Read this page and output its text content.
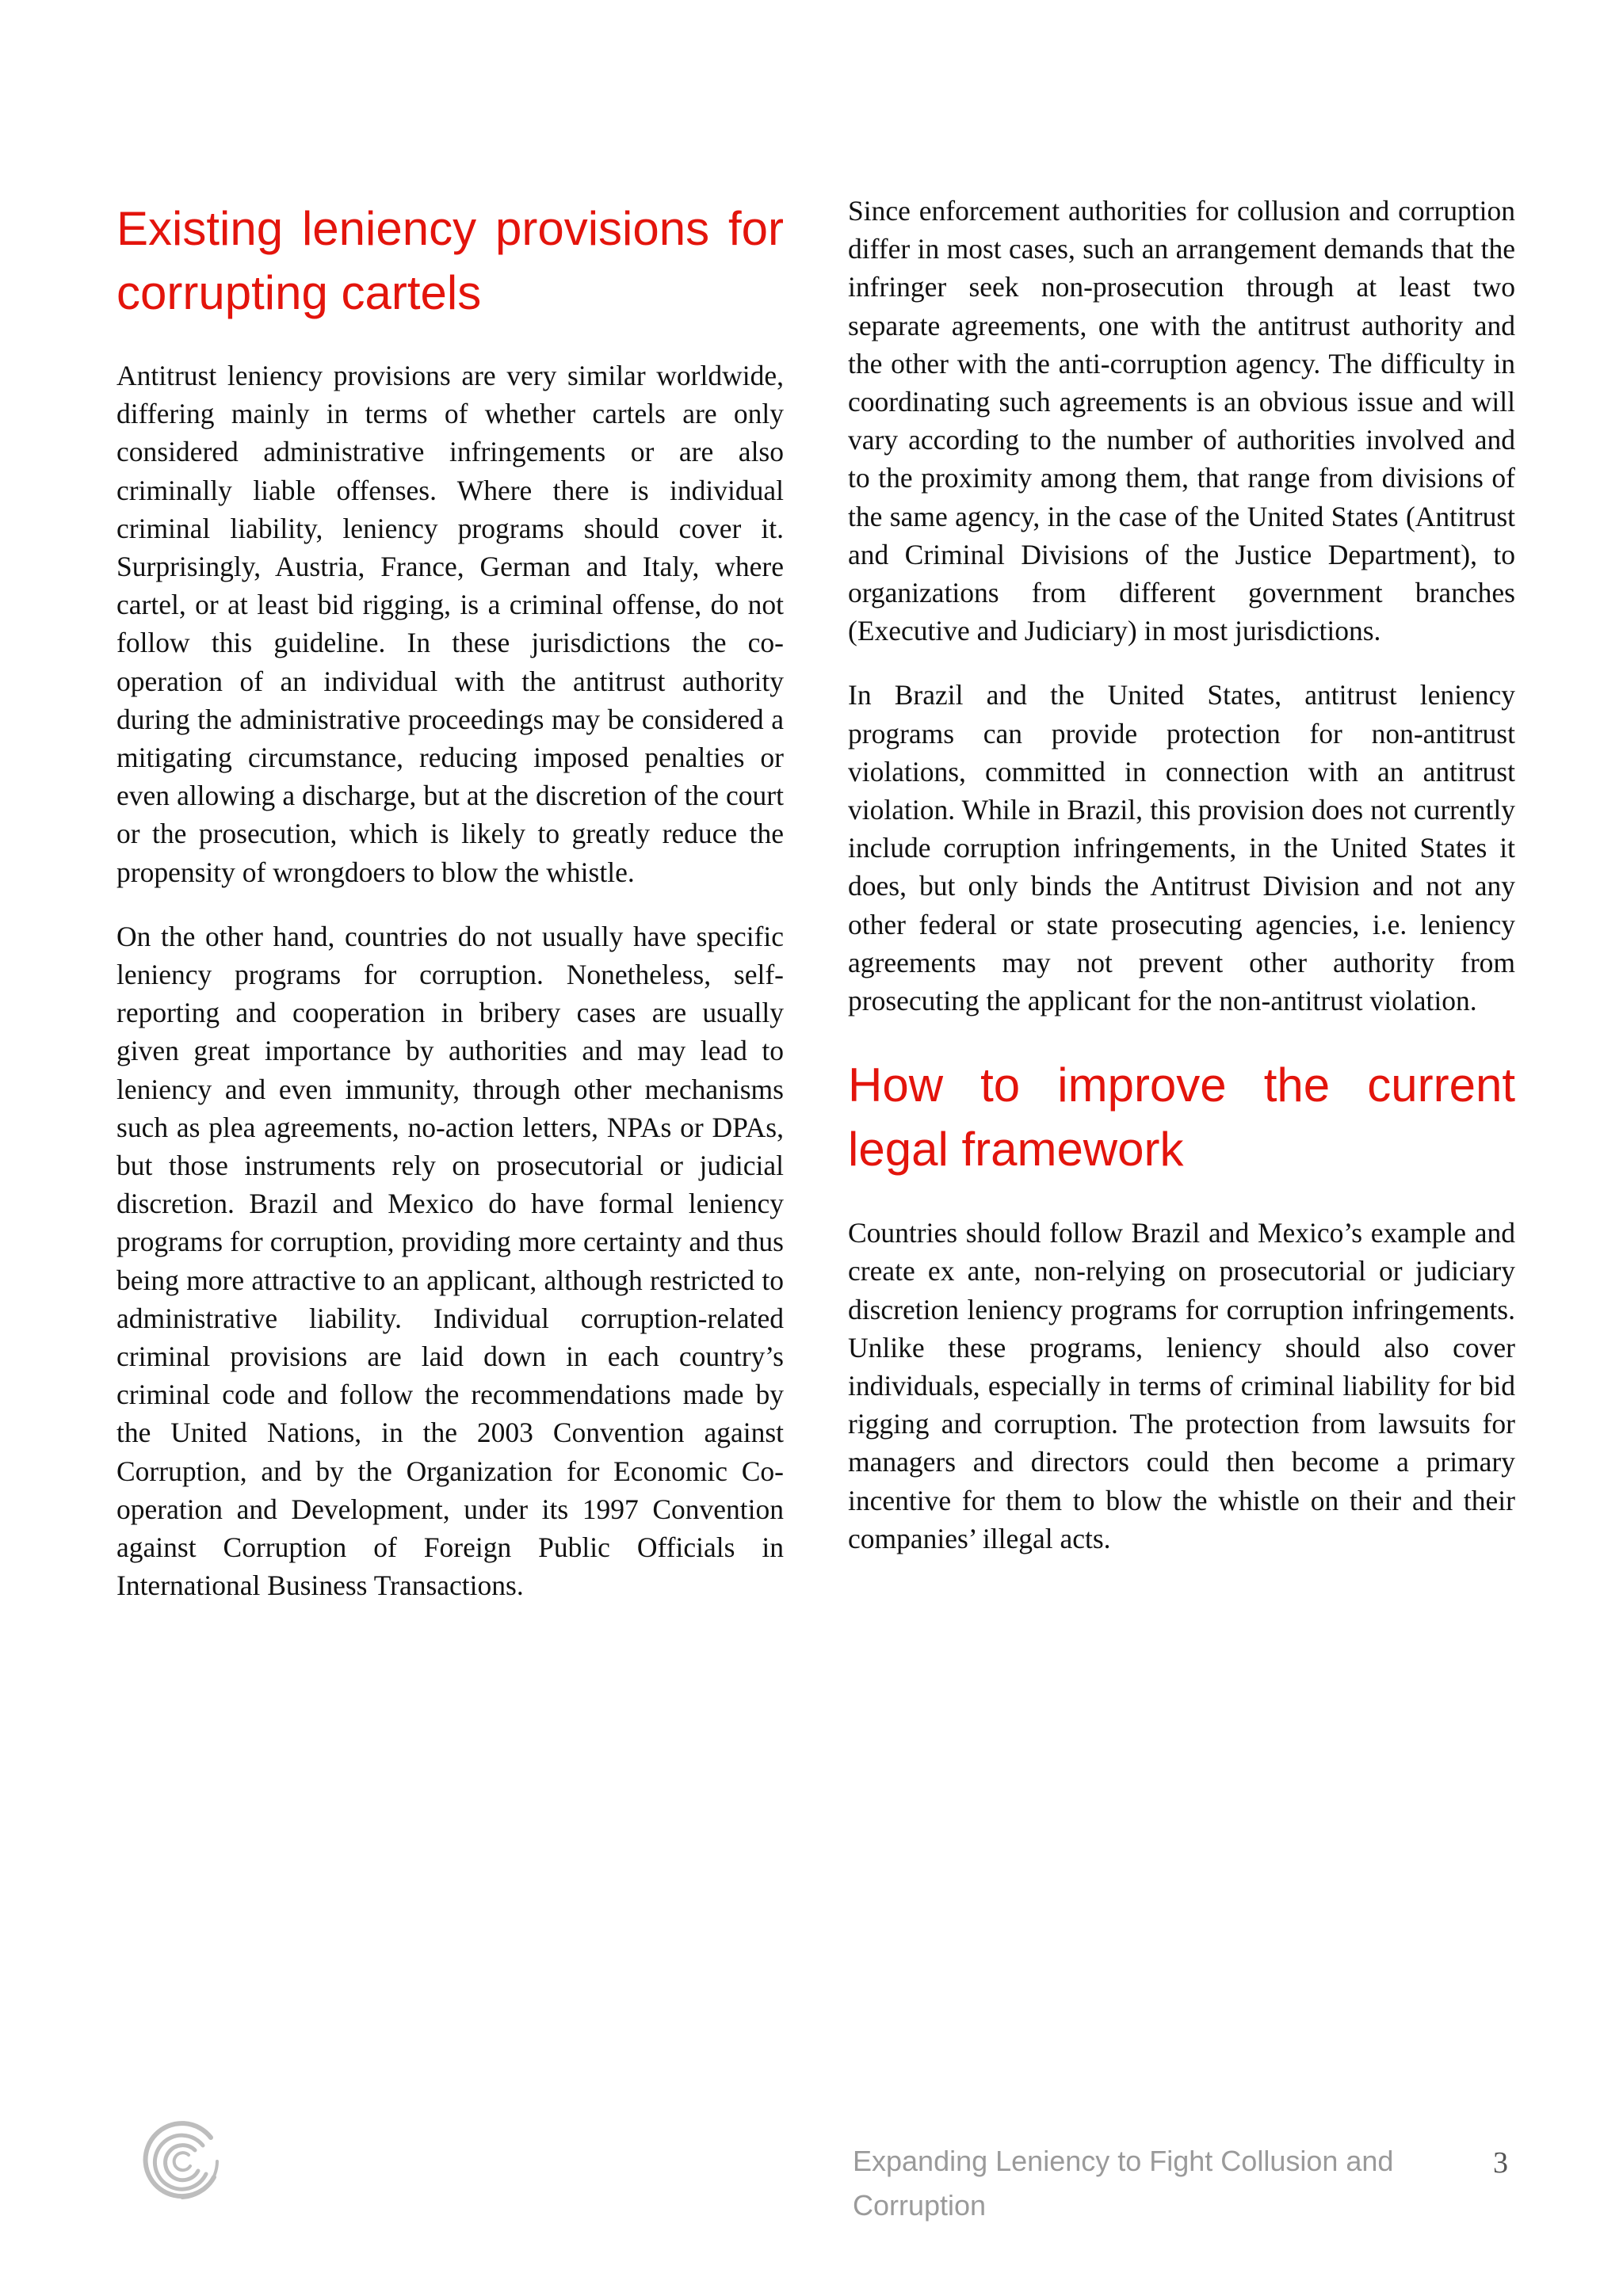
Existing leniency provisions for corrupting cartels

Antitrust leniency provisions are very similar worldwide, differing mainly in terms of whether cartels are only considered administrative infringements or are also criminally liable offenses. Where there is individual criminal liability, leniency programs should cover it. Surprisingly, Austria, France, German and Italy, where cartel, or at least bid rigging, is a criminal offense, do not follow this guideline. In these jurisdictions the co-operation of an individual with the antitrust authority during the administrative proceedings may be considered a mitigating circumstance, reducing imposed penalties or even allowing a discharge, but at the discretion of the court or the prosecution, which is likely to greatly reduce the propensity of wrongdoers to blow the whistle.

On the other hand, countries do not usually have specific leniency programs for corruption. Nonetheless, self-reporting and cooperation in bribery cases are usually given great importance by authorities and may lead to leniency and even immunity, through other mechanisms such as plea agreements, no-action letters, NPAs or DPAs, but those instruments rely on prosecutorial or judicial discretion. Brazil and Mexico do have formal leniency programs for corruption, providing more certainty and thus being more attractive to an applicant, although restricted to administrative liability. Individual corruption-related criminal provisions are laid down in each country’s criminal code and follow the recommendations made by the United Nations, in the 2003 Convention against Corruption, and by the Organization for Economic Co-operation and Development, under its 1997 Convention against Corruption of Foreign Public Officials in International Business Transactions.

Since enforcement authorities for collusion and corruption differ in most cases, such an arrangement demands that the infringer seek non-prosecution through at least two separate agreements, one with the antitrust authority and the other with the anti-corruption agency. The difficulty in coordinating such agreements is an obvious issue and will vary according to the number of authorities involved and to the proximity among them, that range from divisions of the same agency, in the case of the United States (Antitrust and Criminal Divisions of the Justice Department), to organizations from different government branches (Executive and Judiciary) in most jurisdictions.

In Brazil and the United States, antitrust leniency programs can provide protection for non-antitrust violations, committed in connection with an antitrust violation. While in Brazil, this provision does not currently include corruption infringements, in the United States it does, but only binds the Antitrust Division and not any other federal or state prosecuting agencies, i.e. leniency agreements may not prevent other authority from prosecuting the applicant for the non-antitrust violation.

How to improve the current legal framework

Countries should follow Brazil and Mexico’s example and create ex ante, non-relying on prosecutorial or judiciary discretion leniency programs for corruption infringements. Unlike these programs, leniency should also cover individuals, especially in terms of criminal liability for bid rigging and corruption. The protection from lawsuits for managers and directors could then become a primary incentive for them to blow the whistle on their and their companies’ illegal acts.

Expanding Leniency to Fight Collusion and Corruption
3
